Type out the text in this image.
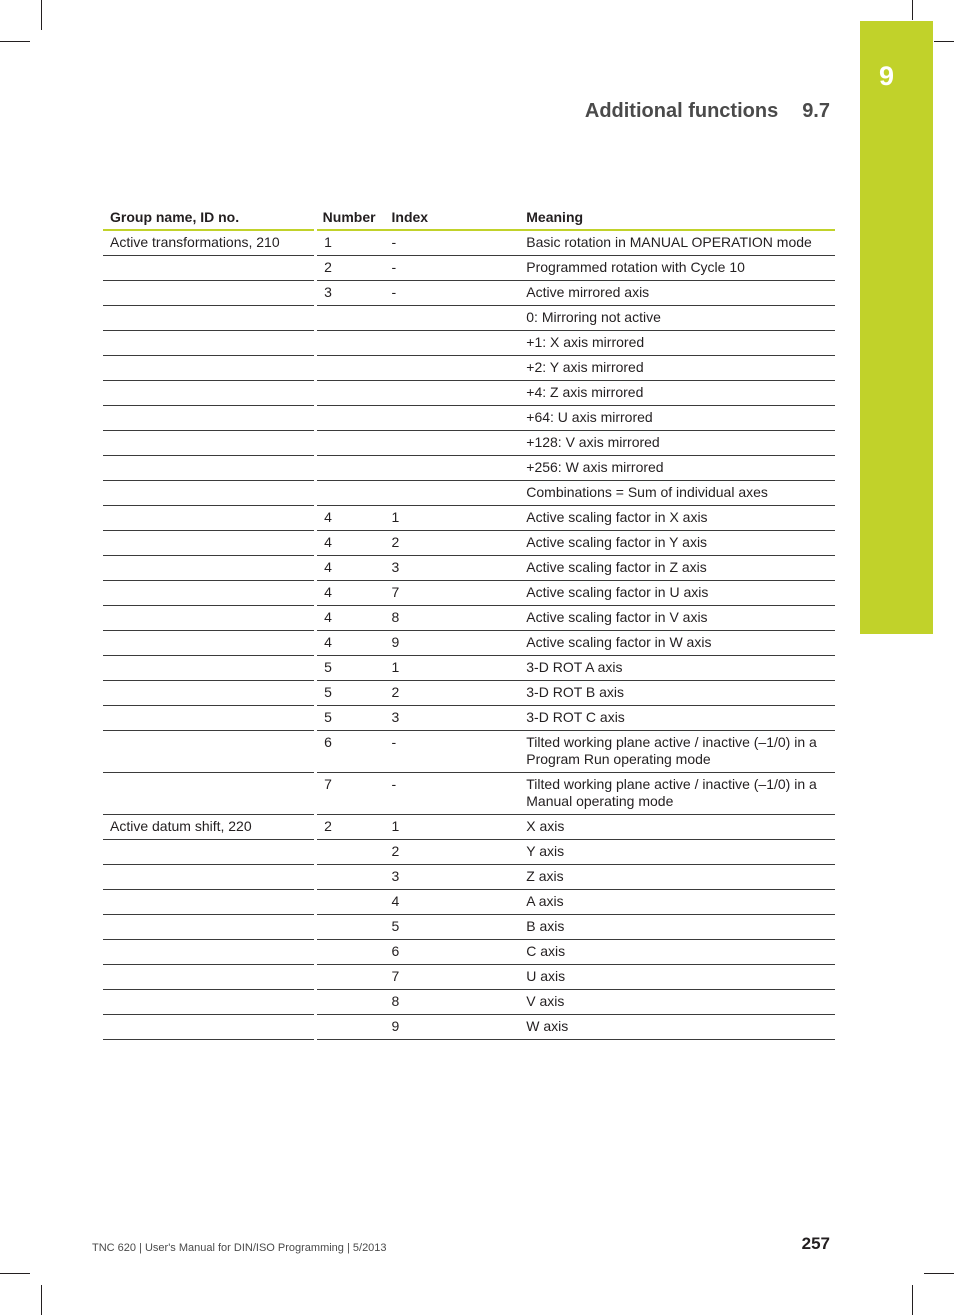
9
Additional functions 9.7
Group name, ID no.	Number	Index	Meaning
Active transformations, 210	1	-	Basic rotation in MANUAL OPERATION mode
	2	-	Programmed rotation with Cycle 10
	3	-	Active mirrored axis
			0: Mirroring not active
			+1: X axis mirrored
			+2: Y axis mirrored
			+4: Z axis mirrored
			+64: U axis mirrored
			+128: V axis mirrored
			+256: W axis mirrored
			Combinations = Sum of individual axes
	4	1	Active scaling factor in X axis
	4	2	Active scaling factor in Y axis
	4	3	Active scaling factor in Z axis
	4	7	Active scaling factor in U axis
	4	8	Active scaling factor in V axis
	4	9	Active scaling factor in W axis
	5	1	3-D ROT A axis
	5	2	3-D ROT B axis
	5	3	3-D ROT C axis
	6	-	Tilted working plane active / inactive (–1/0) in a Program Run operating mode
	7	-	Tilted working plane active / inactive (–1/0) in a Manual operating mode
Active datum shift, 220	2	1	X axis
		2	Y axis
		3	Z axis
		4	A axis
		5	B axis
		6	C axis
		7	U axis
		8	V axis
		9	W axis
TNC 620 | User's Manual for DIN/ISO Programming | 5/2013	257
